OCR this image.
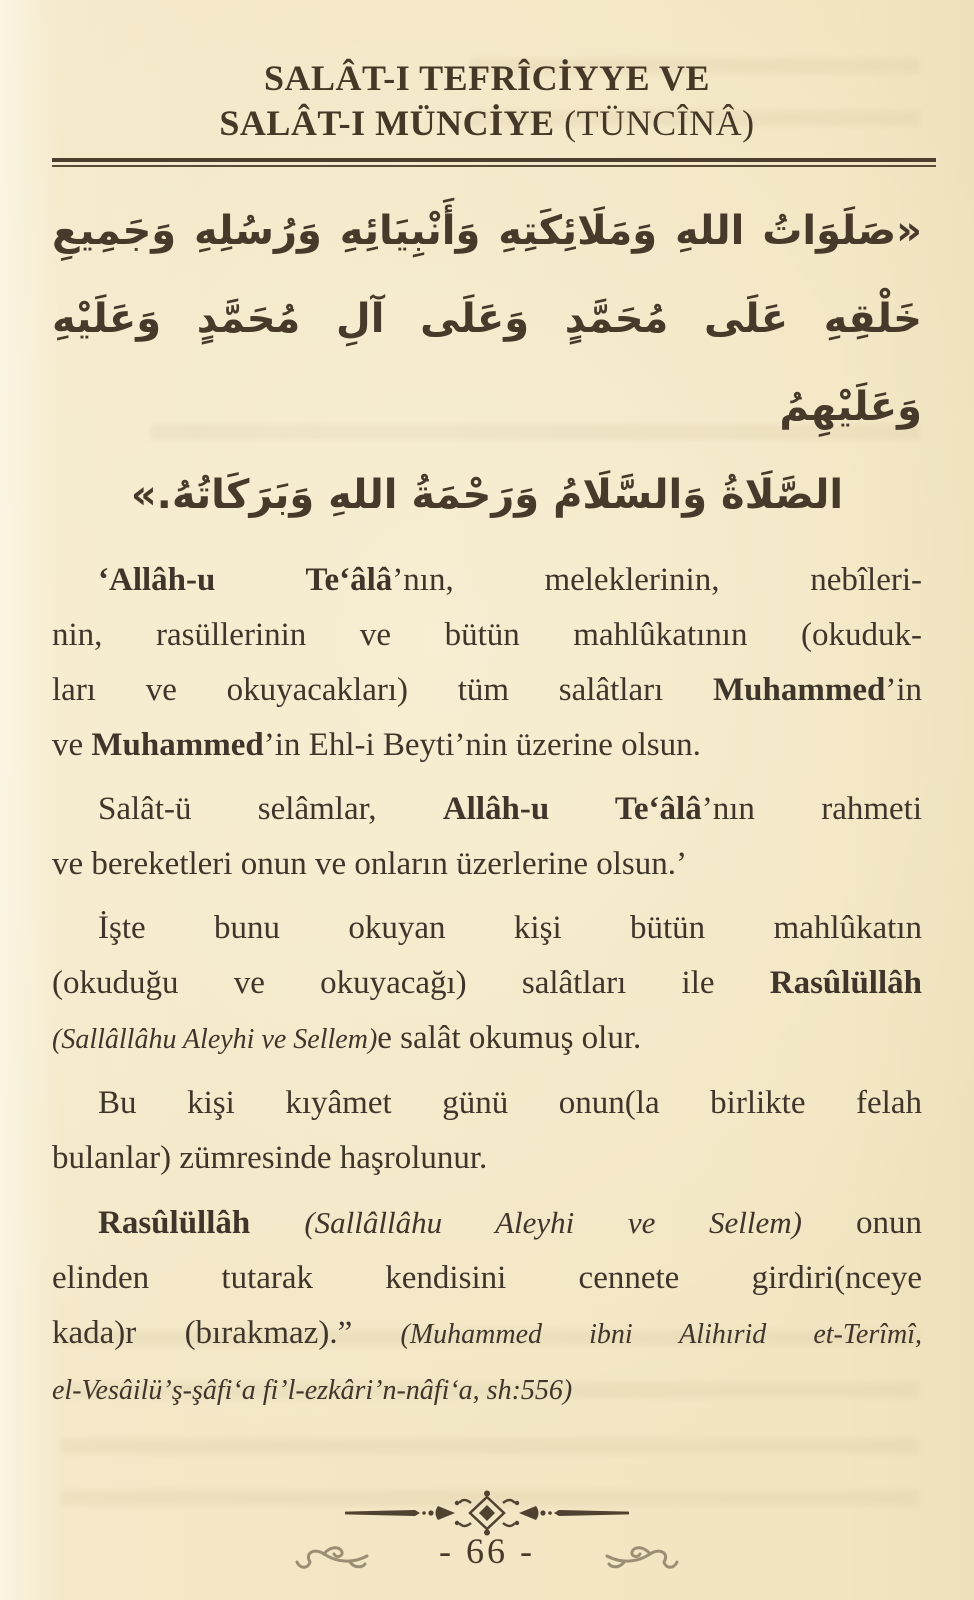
SALÂT-I TEFRÎCİYYE VE
SALÂT-I MÜNCİYE (TÜNCÎNÂ)
«صَلَوَاتُ اللهِ وَمَلَائِكَتِهِ وَأَنْبِيَائِهِ وَرُسُلِهِ وَجَمِيعِ
خَلْقِهِ عَلَى مُحَمَّدٍ وَعَلَى آلِ مُحَمَّدٍ وَعَلَيْهِ وَعَلَيْهِمُ
الصَّلَاةُ وَالسَّلَامُ وَرَحْمَةُ اللهِ وَبَرَكَاتُهُ.»
‘Allâh-u Te‘âlâ’nın, meleklerinin, nebîleri-
nin, rasüllerinin ve bütün mahlûkatının (okuduk-
ları ve okuyacakları) tüm salâtları Muhammed’in
ve Muhammed’in Ehl-i Beyti’nin üzerine olsun.
Salât-ü selâmlar, Allâh-u Te‘âlâ’nın rahmeti
ve bereketleri onun ve onların üzerlerine olsun.’
İşte bunu okuyan kişi bütün mahlûkatın
(okuduğu ve okuyacağı) salâtları ile Rasûlüllâh
(Sallâllâhu Aleyhi ve Sellem)e salât okumuş olur.
Bu kişi kıyâmet günü onun(la birlikte felah
bulanlar) zümresinde haşrolunur.
Rasûlüllâh (Sallâllâhu Aleyhi ve Sellem) onun
elinden tutarak kendisini cennete girdiri(nceye
kada)r (bırakmaz).” (Muhammed ibni Alihırid et-Terîmî,
el-Vesâilü’ş-şâfi‘a fi’l-ezkâri’n-nâfi‘a, sh:556)
- 66 -
